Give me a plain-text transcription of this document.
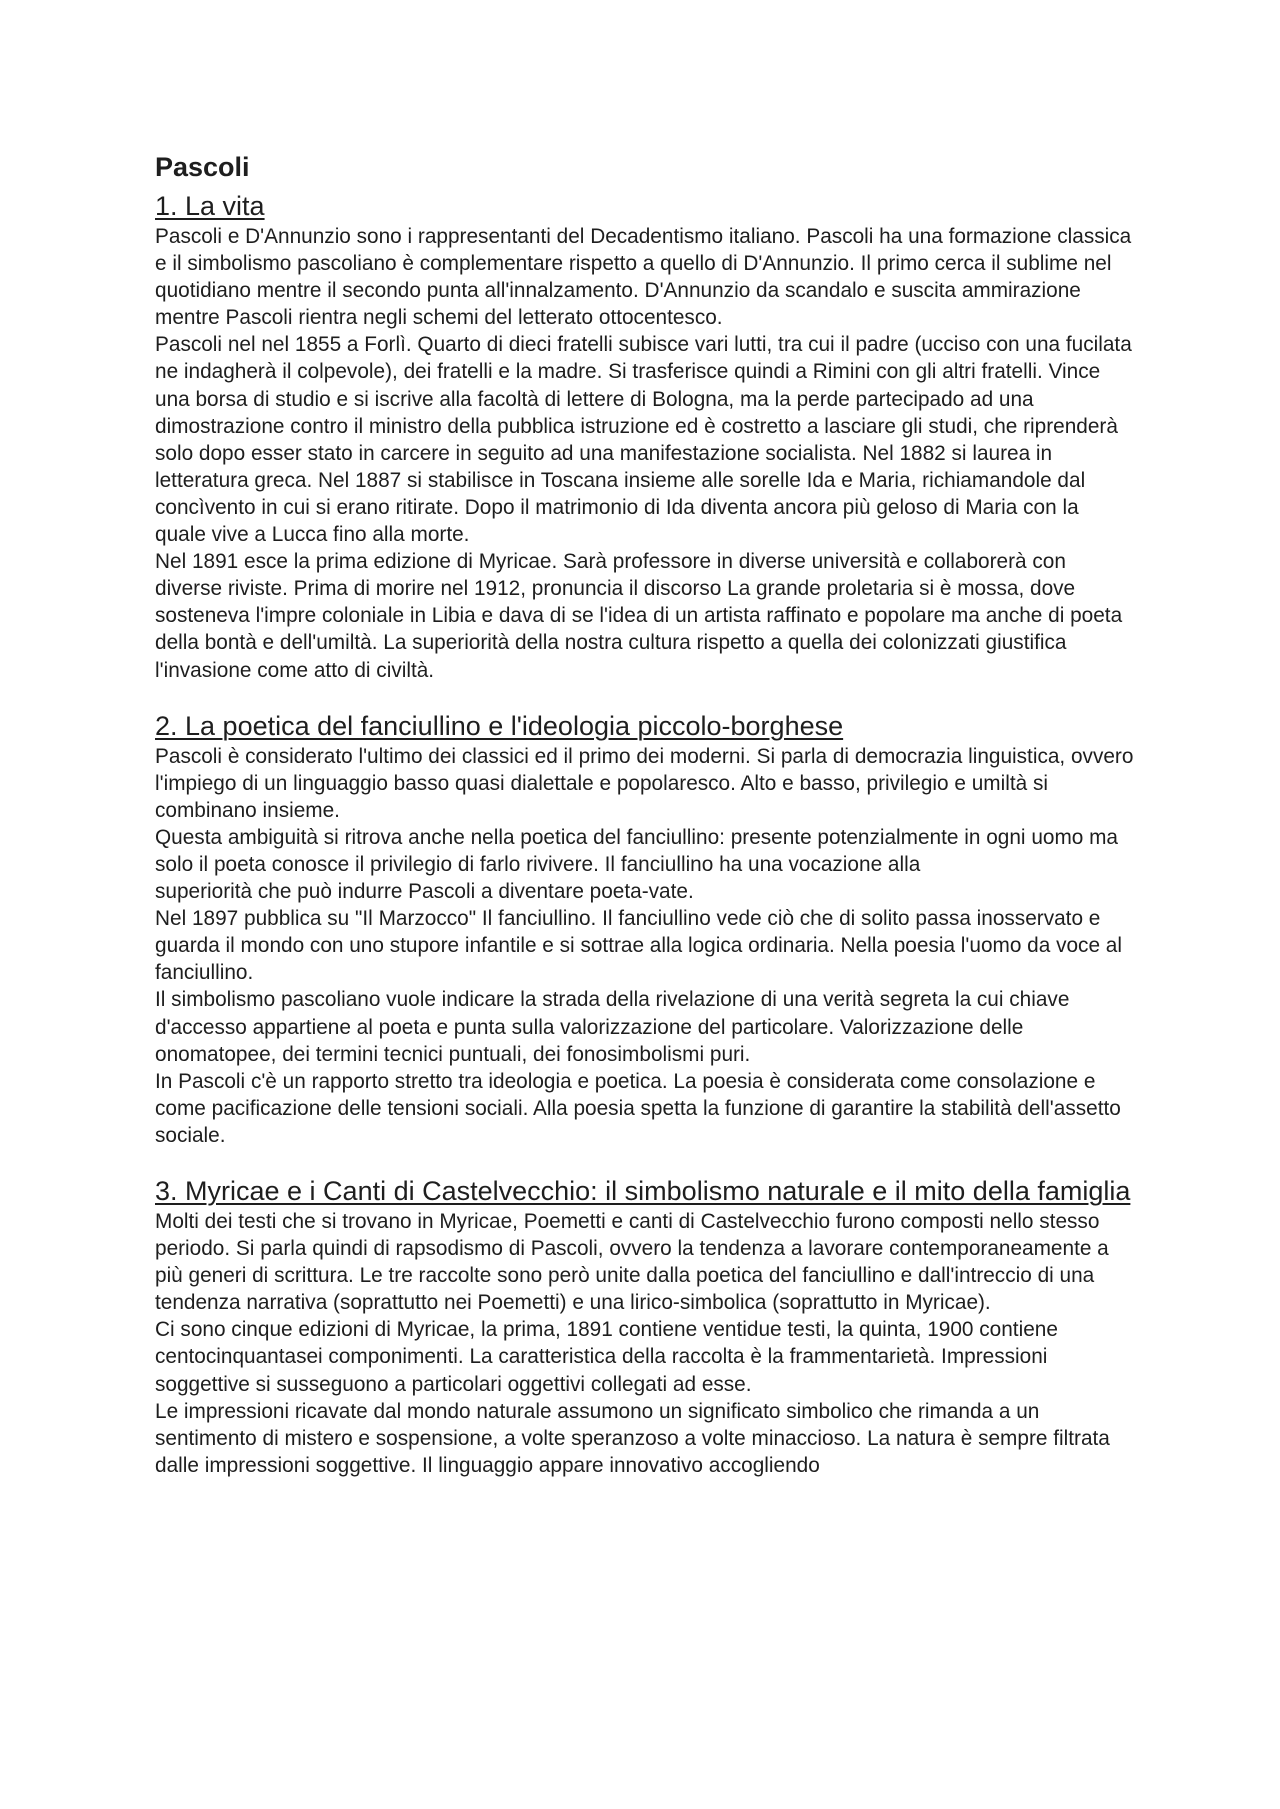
Pascoli
1. La vita

Pascoli e D'Annunzio sono i rappresentanti del Decadentismo italiano. Pascoli ha una formazione classica e il simbolismo pascoliano è complementare rispetto a quello di D'Annunzio. Il primo cerca il sublime nel quotidiano mentre il secondo punta all'innalzamento. D'Annunzio da scandalo e suscita ammirazione mentre Pascoli rientra negli schemi del letterato ottocentesco.

Pascoli nel nel 1855 a Forlì. Quarto di dieci fratelli subisce vari lutti, tra cui il padre (ucciso con una fucilata ne indagherà il colpevole), dei fratelli e la madre. Si trasferisce quindi a Rimini con gli altri fratelli. Vince una borsa di studio e si iscrive alla facoltà di lettere di Bologna, ma la perde partecipado ad una dimostrazione contro il ministro della pubblica istruzione ed è costretto a lasciare gli studi, che riprenderà solo dopo esser stato in carcere in seguito ad una manifestazione socialista. Nel 1882 si laurea in letteratura greca. Nel 1887 si stabilisce in Toscana insieme alle sorelle Ida e Maria, richiamandole dal concìvento in cui si erano ritirate. Dopo il matrimonio di Ida diventa ancora più geloso di Maria con la quale vive a Lucca fino alla morte.

Nel 1891 esce la prima edizione di Myricae. Sarà professore in diverse università e collaborerà con diverse riviste. Prima di morire nel 1912, pronuncia il discorso La grande proletaria si è mossa, dove sosteneva l'impre coloniale in Libia e dava di se l'idea di un artista raffinato e popolare ma anche di poeta della bontà e dell'umiltà. La superiorità della nostra cultura rispetto a quella dei colonizzati giustifica l'invasione come atto di civiltà.

2. La poetica del fanciullino e l'ideologia piccolo-borghese

Pascoli è considerato l'ultimo dei classici ed il primo dei moderni. Si parla di democrazia linguistica, ovvero l'impiego di un linguaggio basso quasi dialettale e popolaresco. Alto e basso, privilegio e umiltà si combinano insieme.

Questa ambiguità si ritrova anche nella poetica del fanciullino: presente potenzialmente in ogni uomo ma solo il poeta conosce il privilegio di farlo rivivere. Il fanciullino ha una vocazione alla

superiorità che può indurre Pascoli a diventare poeta-vate.

Nel 1897 pubblica su "Il Marzocco" Il fanciullino. Il fanciullino vede ciò che di solito passa inosservato e guarda il mondo con uno stupore infantile e si sottrae alla logica ordinaria. Nella poesia l'uomo da voce al fanciullino.

Il simbolismo pascoliano vuole indicare la strada della rivelazione di una verità segreta la cui chiave d'accesso appartiene al poeta e punta sulla valorizzazione del particolare. Valorizzazione delle onomatopee, dei termini tecnici puntuali, dei fonosimbolismi puri.

In Pascoli c'è un rapporto stretto tra ideologia e poetica. La poesia è considerata come consolazione e come pacificazione delle tensioni sociali. Alla poesia spetta la funzione di garantire la stabilità dell'assetto sociale.

3. Myricae e i Canti di Castelvecchio: il simbolismo naturale e il mito della famiglia

Molti dei testi che si trovano in Myricae, Poemetti e canti di Castelvecchio furono composti nello stesso periodo. Si parla quindi di rapsodismo di Pascoli, ovvero la tendenza a lavorare contemporaneamente a più generi di scrittura. Le tre raccolte sono però unite dalla poetica del fanciullino e dall'intreccio di una tendenza narrativa (soprattutto nei Poemetti) e una lirico-simbolica (soprattutto in Myricae).

Ci sono cinque edizioni di Myricae, la prima, 1891 contiene ventidue testi, la quinta, 1900 contiene centocinquantasei componimenti. La caratteristica della raccolta è la frammentarietà. Impressioni soggettive si susseguono a particolari oggettivi collegati ad esse.

Le impressioni ricavate dal mondo naturale assumono un significato simbolico che rimanda a un sentimento di mistero e sospensione, a volte speranzoso a volte minaccioso. La natura è sempre filtrata dalle impressioni soggettive. Il linguaggio appare innovativo accogliendo
